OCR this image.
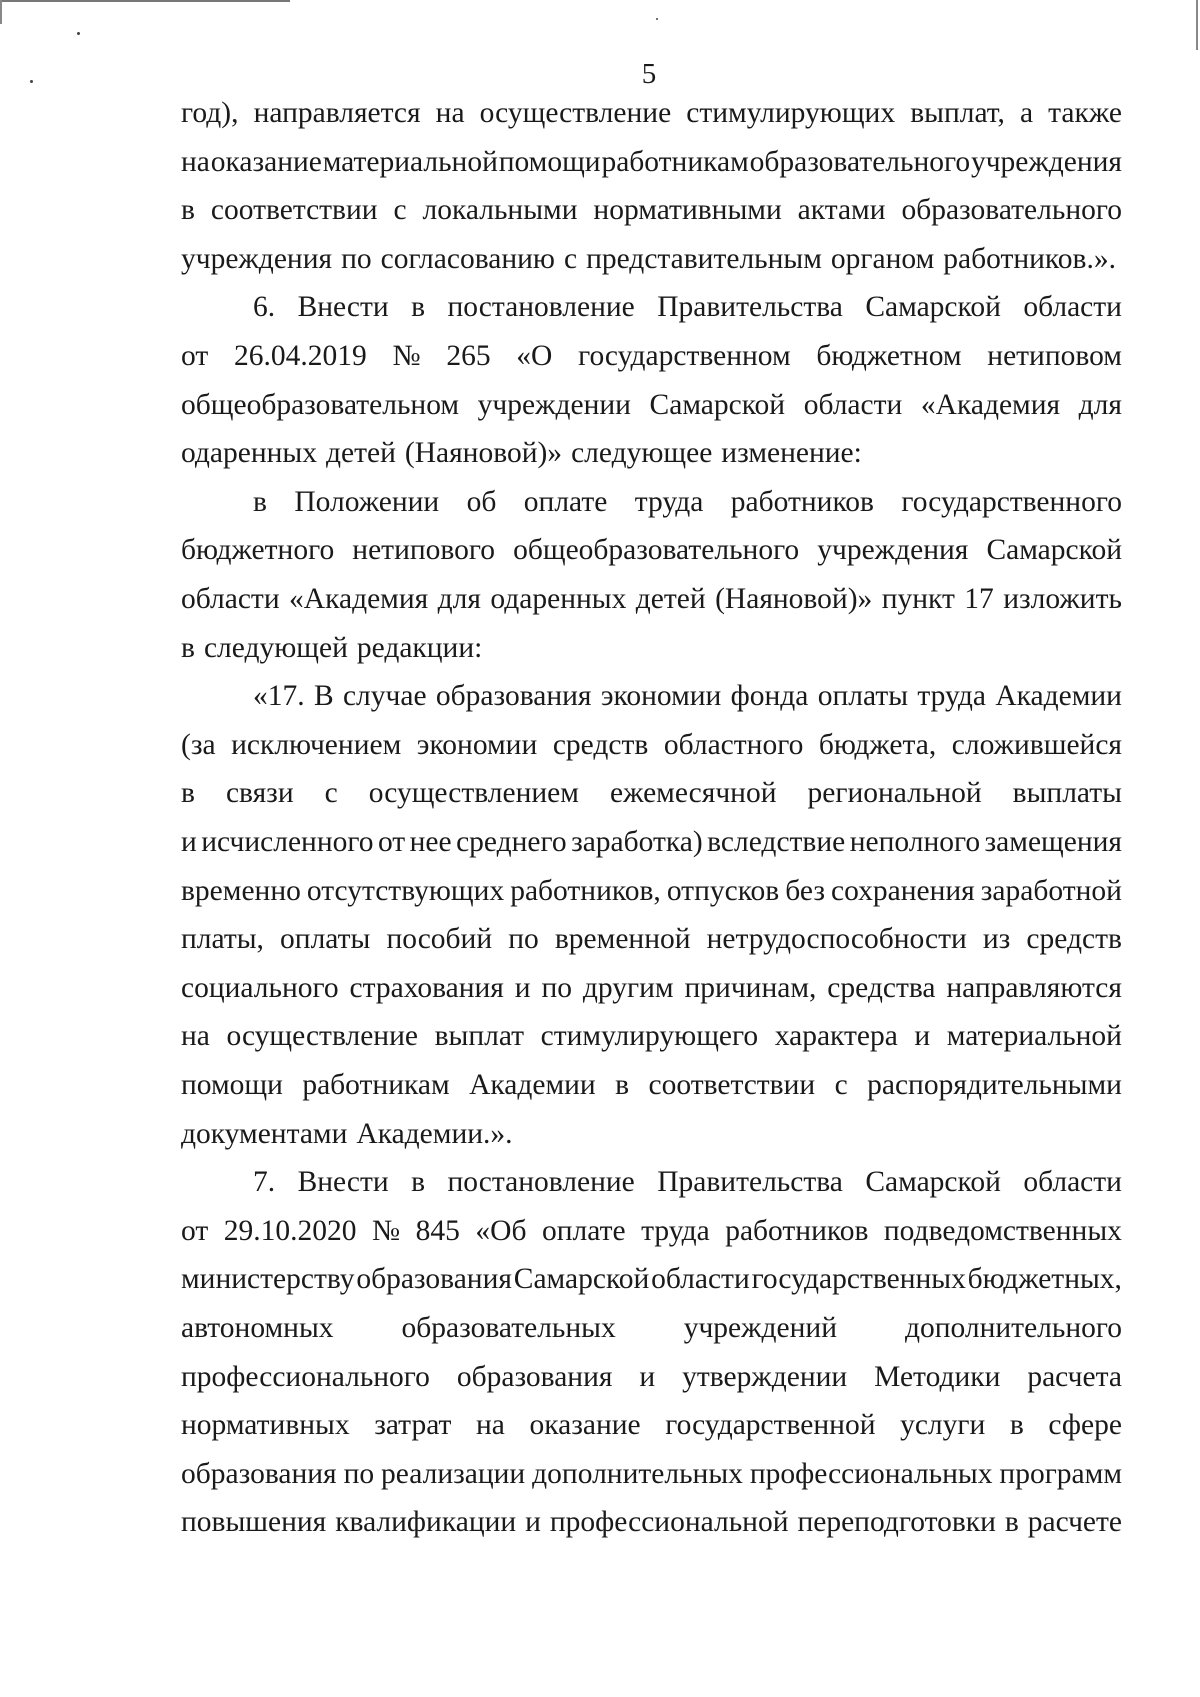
5
год), направляется на осуществление стимулирующих выплат, а также
на оказание материальной помощи работникам образовательного учреждения
в соответствии с локальными нормативными актами образовательного
учреждения по согласованию с представительным органом работников.».
6. Внести в постановление Правительства Самарской области
от 26.04.2019 № 265 «О государственном бюджетном нетиповом
общеобразовательном учреждении Самарской области «Академия для
одаренных детей (Наяновой)» следующее изменение:
в Положении об оплате труда работников государственного
бюджетного нетипового общеобразовательного учреждения Самарской
области «Академия для одаренных детей (Наяновой)» пункт 17 изложить
в следующей редакции:
«17. В случае образования экономии фонда оплаты труда Академии
(за исключением экономии средств областного бюджета, сложившейся
в связи с осуществлением ежемесячной региональной выплаты
и исчисленного от нее среднего заработка) вследствие неполного замещения
временно отсутствующих работников, отпусков без сохранения заработной
платы, оплаты пособий по временной нетрудоспособности из средств
социального страхования и по другим причинам, средства направляются
на осуществление выплат стимулирующего характера и материальной
помощи работникам Академии в соответствии с распорядительными
документами Академии.».
7. Внести в постановление Правительства Самарской области
от 29.10.2020 № 845 «Об оплате труда работников подведомственных
министерству образования Самарской области государственных бюджетных,
автономных образовательных учреждений дополнительного
профессионального образования и утверждении Методики расчета
нормативных затрат на оказание государственной услуги в сфере
образования по реализации дополнительных профессиональных программ
повышения квалификации и профессиональной переподготовки в расчете
